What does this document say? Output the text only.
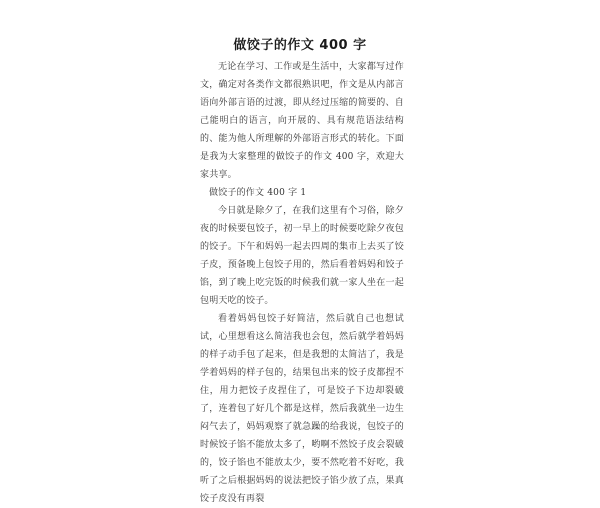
做饺子的作文 400 字

无论在学习、工作或是生活中，大家都写过作文，确定对各类作文都很熟识吧，作文是从内部言语向外部言语的过渡，即从经过压缩的简要的、自己能明白的语言，向开展的、具有规范语法结构的、能为他人所理解的外部语言形式的转化。下面是我为大家整理的做饺子的作文 400 字，欢迎大家共享。

做饺子的作文 400 字 1

今日就是除夕了，在我们这里有个习俗，除夕夜的时候要包饺子，初一早上的时候要吃除夕夜包的饺子。下午和妈妈一起去四周的集市上去买了饺子皮，预备晚上包饺子用的，然后看着妈妈和饺子馅，到了晚上吃完饭的时候我们就一家人坐在一起包明天吃的饺子。

看着妈妈包饺子好简洁，然后就自己也想试试，心里想看这么简洁我也会包，然后就学着妈妈的样子动手包了起来，但是我想的太简洁了，我是学着妈妈的样子包的，结果包出来的饺子皮都捏不住，用力把饺子皮捏住了，可是饺子下边却裂破了，连着包了好几个都是这样，然后我就坐一边生闷气去了，妈妈观察了就急躁的给我说，包饺子的时候饺子馅不能放太多了，哟啊不然饺子皮会裂破的，饺子馅也不能放太少，要不然吃着不好吃，我听了之后根据妈妈的说法把饺子馅少放了点，果真饺子皮没有再裂
